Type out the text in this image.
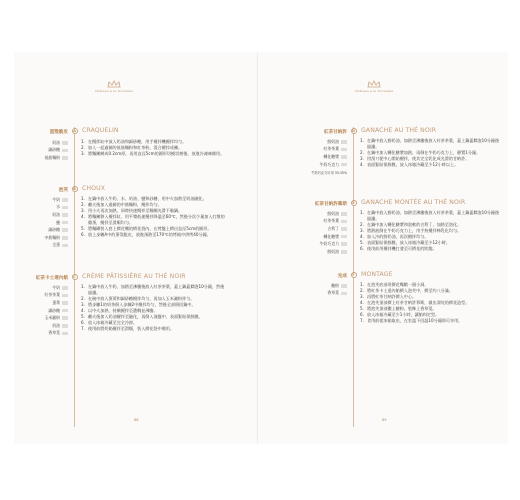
Château à la Dorienne
蛋殼脆皮	A CRAQUELIN
奶油
細砂糖
低筋麵粉
1. 在攪拌缸中放入奶油和細砂糖，用手攪拌機攪拌均勻。
2. 加入一起過篩的低筋麵粉和紅茶粉，混合攪拌成團。
3. 將麵團擀成0.2cm厚，再用直徑5cm的圓形切模切割後，放進冷凍庫備用。
泡芙	B CHOUX
牛奶
水
奶油
鹽
細砂糖
中筋麵粉
全蛋
1. 在鍋中放入牛奶、水、奶油、鹽和砂糖，用中火加熱至奶油融化。
2. 離火後加入過篩的中筋麵粉，攪拌均勻。
3. 用小火再次加熱，同時快速攪拌至麵團光滑不黏鍋。
4. 將麵團移入攪拌缸，用平槳低速攪拌降溫至60℃，然後分次少量加入打散的雞蛋，攪拌至滑順均勻。
5. 將麵糊裝入套上擠花嘴的擠花袋內，在烤盤上擠出直徑5cm的圓形。
6. 放上步驟A中的蛋殼脆皮，放進預熱至170℃的烤箱中烘烤40分鐘。
紅茶卡士達內餡	C CRÈME PÂTISSIÈRE AU THÉ NOIR
牛奶
紅茶茶葉
蛋黃
細砂糖
玉米澱粉
奶油
香草莢
1. 在鍋中放入牛奶，加熱至沸騰後放入紅茶茶葉，蓋上鍋蓋燜泡10分鐘，然後過濾。
2. 在碗中放入蛋黃和細砂糖攪拌均勻，再加入玉米澱粉拌勻。
3. 將步驟1的奶茶倒入步驟2中攪拌均勻，然後全部倒回鍋中。
4. 以中火加熱，持續攪拌至濃稠並沸騰。
5. 離火後加入奶油攪拌至融化，再倒入淺盤中，表面緊貼保鮮膜。
6. 放入冰箱冷藏至完全冷卻。
7. 使用前將奶餡攪拌至滑順，裝入擠花袋中備用。
68
Château à la Dorienne
紅茶甘納許	D GANACHE AU THÉ NOIR
鮮奶油
紅茶茶葉
轉化糖漿
牛奶巧克力
牛奶巧克力可用 33-35%
1. 在鍋中放入鮮奶油，加熱至沸騰後放入紅茶茶葉，蓋上鍋蓋燜泡10分鐘後過濾。
2. 在鍋中加入轉化糖漿加熱，再倒在牛奶巧克力上，靜置1分鐘。
3. 用刮刀從中心開始攪拌，使其完全乳化成光滑的甘納許。
4. 表面緊貼保鮮膜，放入冰箱冷藏至少12小時以上。
紅茶甘納許慕斯	E GANACHE MONTÉE AU THÉ NOIR
鮮奶油
紅茶茶葉
吉利丁
轉化糖漿
牛奶巧克力
鮮奶油
1. 在鍋中放入鮮奶油，加熱至沸騰後放入紅茶茶葉，蓋上鍋蓋燜泡10分鐘後過濾。
2. 在鍋中加入轉化糖漿和泡軟的吉利丁，加熱至溶化。
3. 將熱液倒在牛奶巧克力上，用手持攪拌棒乳化均勻。
4. 加入冷的鮮奶油，再次攪拌均勻。
5. 表面緊貼保鮮膜，放入冰箱冷藏至少12小時。
6. 使用前用攪拌機打發至可擠花的狀態。
完成	F MONTAGE
糖粉
香草莢
1. 在泡芙底部用擠花嘴戳一個小洞。
2. 將紅茶卡士達內餡擠入泡芙中，擠至約八分滿。
3. 再將紅茶甘納許擠入中心。
4. 在泡芙頂部擠上紅茶甘納許慕斯，做出漂亮的擠花造型。
5. 將泡芙頂部撒上糖粉，裝飾上香草莢。
6. 放入冰箱冷藏至少1小時，讓餡料定型。
7. 食用前從冰箱取出，在室溫下回溫10分鐘即可享用。
69
